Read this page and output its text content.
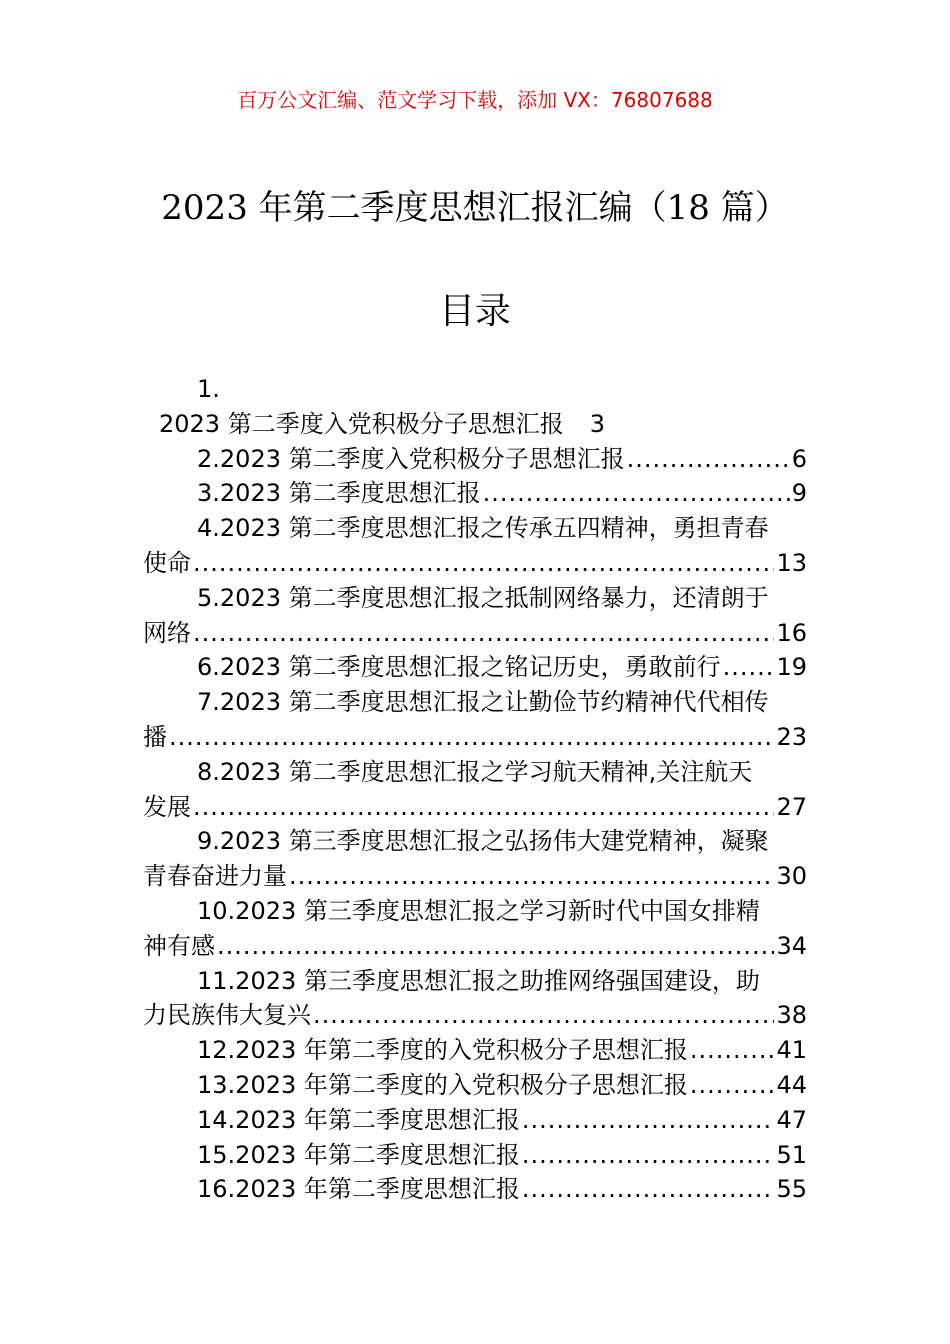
百万公文汇编、范文学习下载，添加 VX：76807688
2023 年第二季度思想汇报汇编（18 篇）
目录
1.
2023 第二季度入党积极分子思想汇报 3
2.2023 第二季度入党积极分子思想汇报 .....	6
3.2023 第二季度思想汇报 .....	9
4.2023 第二季度思想汇报之传承五四精神，勇担青春
使命 .....	13
5.2023 第二季度思想汇报之抵制网络暴力，还清朗于
网络 .....	16
6.2023 第二季度思想汇报之铭记历史，勇敢前行 ..... 19
7.2023 第二季度思想汇报之让勤俭节约精神代代相传
播 .....	23
8.2023 第二季度思想汇报之学习航天精神,关注航天
发展 .....	27
9.2023 第三季度思想汇报之弘扬伟大建党精神，凝聚
青春奋进力量 .....	30
10.2023 第三季度思想汇报之学习新时代中国女排精
神有感 .....	34
11.2023 第三季度思想汇报之助推网络强国建设，助
力民族伟大复兴 .....	38
12.2023 年第二季度的入党积极分子思想汇报 .....	41
13.2023 年第二季度的入党积极分子思想汇报 .....	44
14.2023 年第二季度思想汇报 .....	47
15.2023 年第二季度思想汇报 .....	51
16.2023 年第二季度思想汇报 .....	55
